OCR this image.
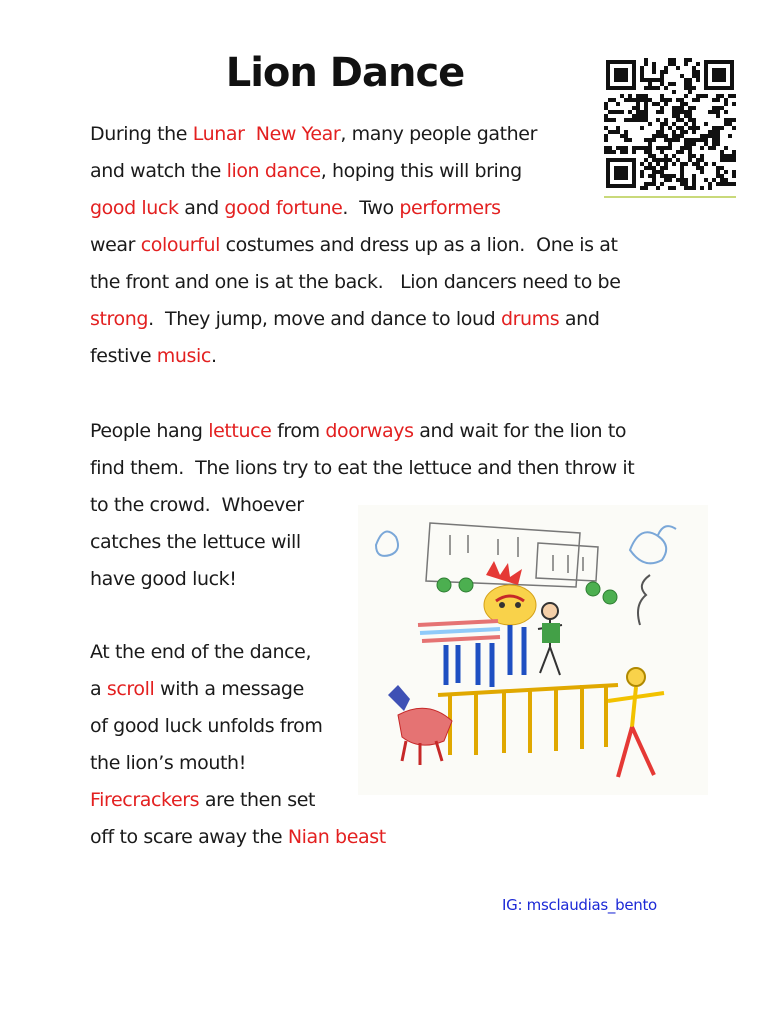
Lion Dance
During the Lunar  New Year, many people gather
and watch the lion dance, hoping this will bring
good luck and good fortune.  Two performers
wear colourful costumes and dress up as a lion.  One is at
the front and one is at the back.   Lion dancers need to be
strong.  They jump, move and dance to loud drums and
festive music.
People hang lettuce from doorways and wait for the lion to
find them.  The lions try to eat the lettuce and then throw it
to the crowd.  Whoever
catches the lettuce will
have good luck!
At the end of the dance,
a scroll with a message
of good luck unfolds from
the lion’s mouth!
Firecrackers are then set
off to scare away the Nian beast

IG: msclaudias_bento
